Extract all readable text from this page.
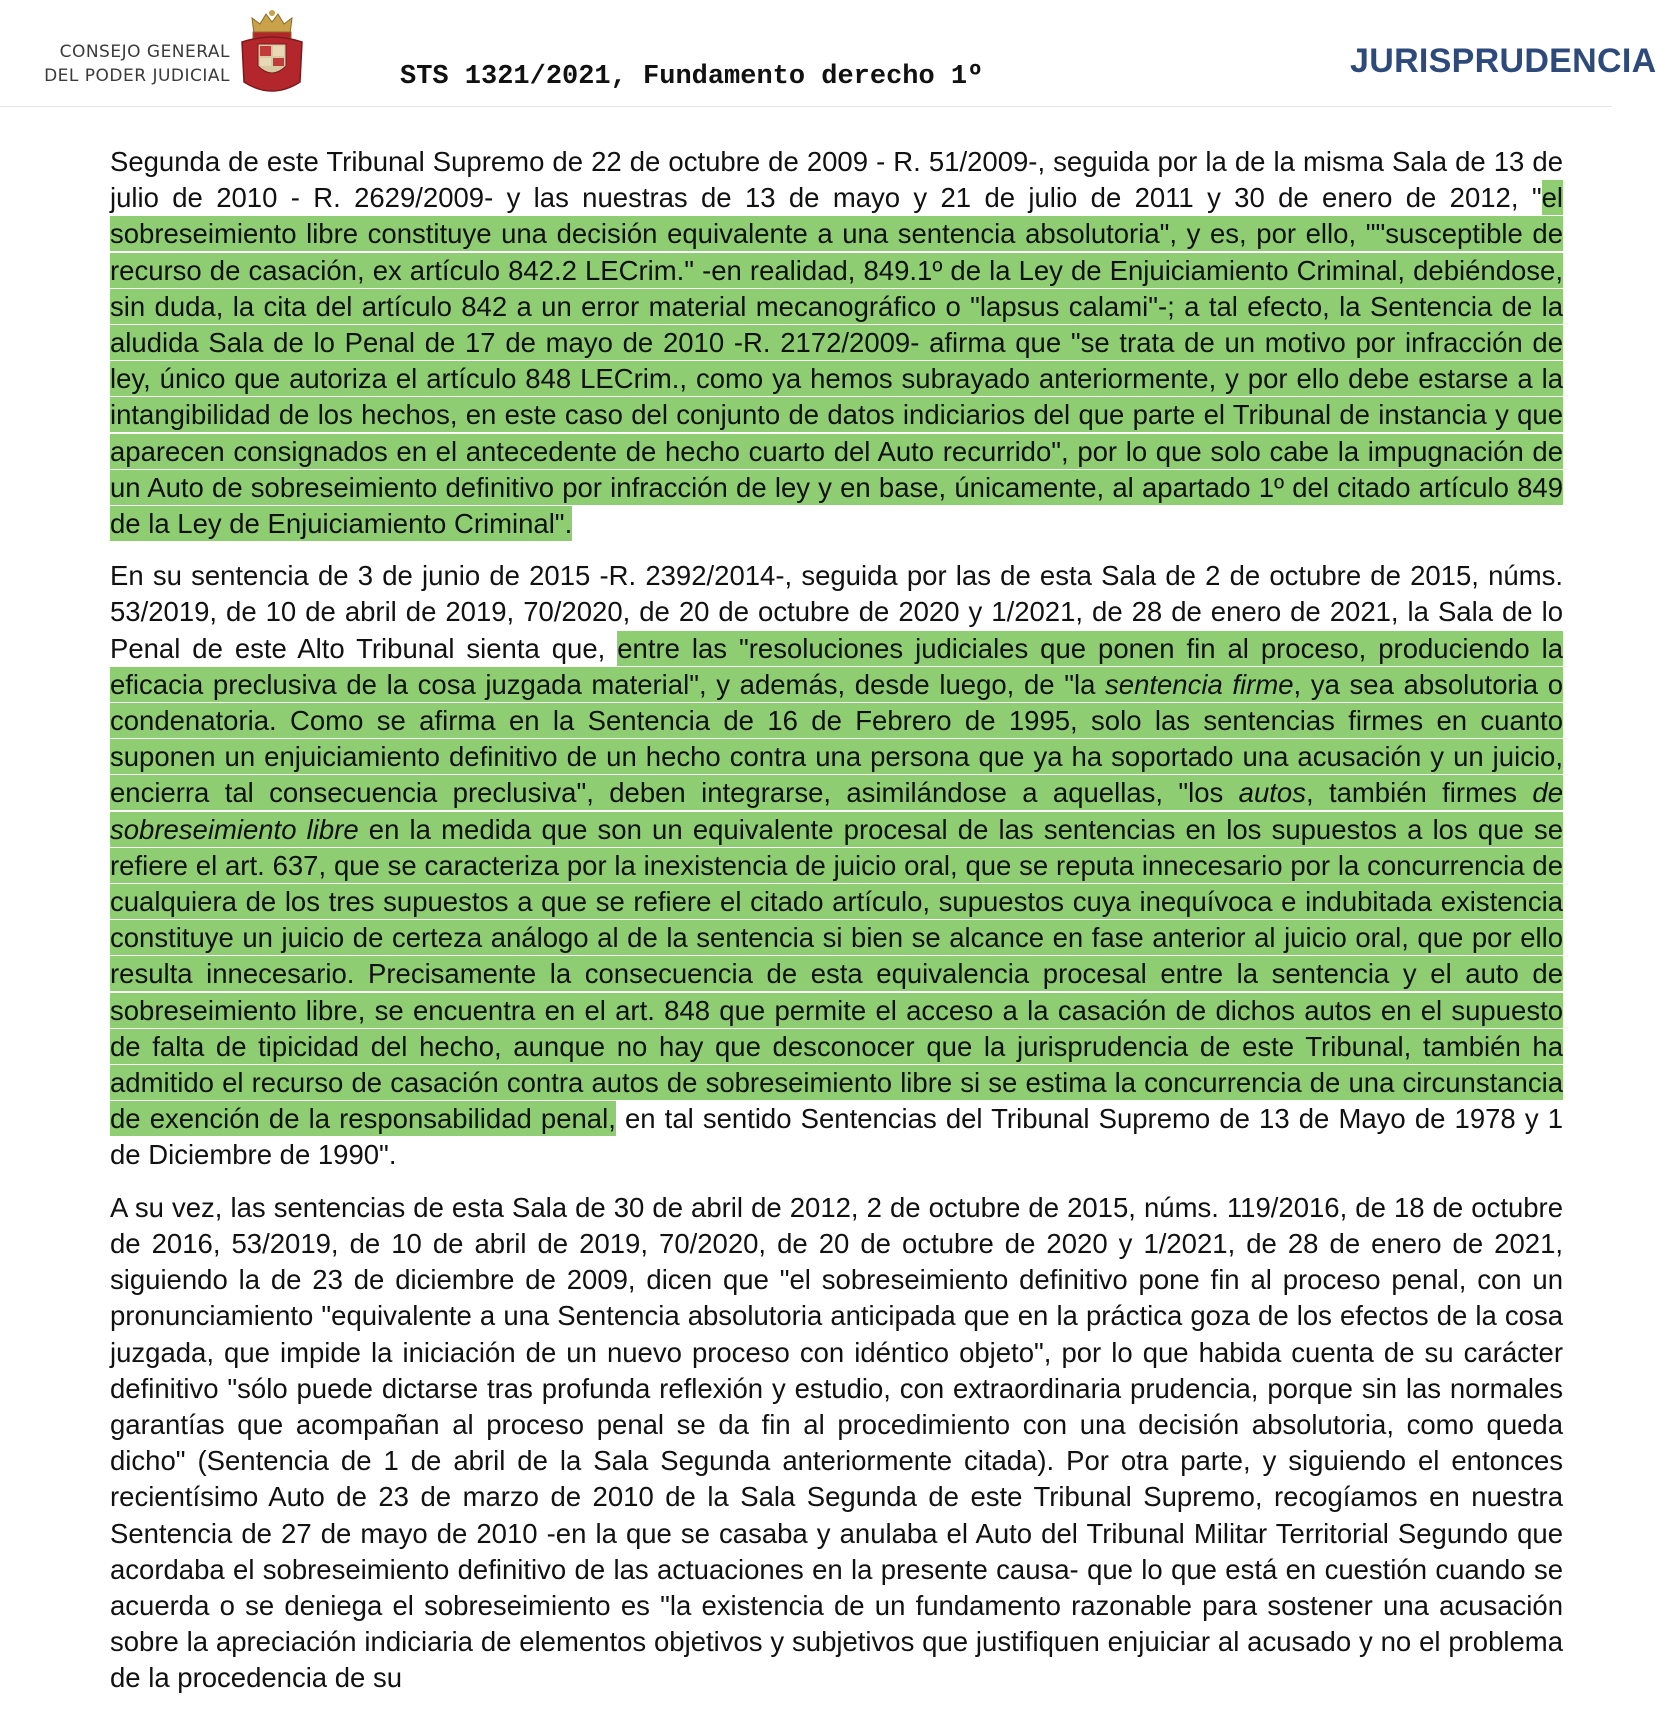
CONSEJO GENERAL
DEL PODER JUDICIAL	STS 1321/2021, Fundamento derecho 1º	JURISPRUDENCIA

Segunda de este Tribunal Supremo de 22 de octubre de 2009 - R. 51/2009-, seguida por la de la misma Sala de 13 de julio de 2010 - R. 2629/2009- y las nuestras de 13 de mayo y 21 de julio de 2011 y 30 de enero de 2012, "el sobreseimiento libre constituye una decisión equivalente a una sentencia absolutoria", y es, por ello, ""susceptible de recurso de casación, ex artículo 842.2 LECrim." -en realidad, 849.1º de la Ley de Enjuiciamiento Criminal, debiéndose, sin duda, la cita del artículo 842 a un error material mecanográfico o "lapsus calami"-; a tal efecto, la Sentencia de la aludida Sala de lo Penal de 17 de mayo de 2010 -R. 2172/2009- afirma que "se trata de un motivo por infracción de ley, único que autoriza el artículo 848 LECrim., como ya hemos subrayado anteriormente, y por ello debe estarse a la intangibilidad de los hechos, en este caso del conjunto de datos indiciarios del que parte el Tribunal de instancia y que aparecen consignados en el antecedente de hecho cuarto del Auto recurrido", por lo que solo cabe la impugnación de un Auto de sobreseimiento definitivo por infracción de ley y en base, únicamente, al apartado 1º del citado artículo 849 de la Ley de Enjuiciamiento Criminal".

En su sentencia de 3 de junio de 2015 -R. 2392/2014-, seguida por las de esta Sala de 2 de octubre de 2015, núms. 53/2019, de 10 de abril de 2019, 70/2020, de 20 de octubre de 2020 y 1/2021, de 28 de enero de 2021, la Sala de lo Penal de este Alto Tribunal sienta que, entre las "resoluciones judiciales que ponen fin al proceso, produciendo la eficacia preclusiva de la cosa juzgada material", y además, desde luego, de "la sentencia firme, ya sea absolutoria o condenatoria. Como se afirma en la Sentencia de 16 de Febrero de 1995, solo las sentencias firmes en cuanto suponen un enjuiciamiento definitivo de un hecho contra una persona que ya ha soportado una acusación y un juicio, encierra tal consecuencia preclusiva", deben integrarse, asimilándose a aquellas, "los autos, también firmes de sobreseimiento libre en la medida que son un equivalente procesal de las sentencias en los supuestos a los que se refiere el art. 637, que se caracteriza por la inexistencia de juicio oral, que se reputa innecesario por la concurrencia de cualquiera de los tres supuestos a que se refiere el citado artículo, supuestos cuya inequívoca e indubitada existencia constituye un juicio de certeza análogo al de la sentencia si bien se alcance en fase anterior al juicio oral, que por ello resulta innecesario. Precisamente la consecuencia de esta equivalencia procesal entre la sentencia y el auto de sobreseimiento libre, se encuentra en el art. 848 que permite el acceso a la casación de dichos autos en el supuesto de falta de tipicidad del hecho, aunque no hay que desconocer que la jurisprudencia de este Tribunal, también ha admitido el recurso de casación contra autos de sobreseimiento libre si se estima la concurrencia de una circunstancia de exención de la responsabilidad penal, en tal sentido Sentencias del Tribunal Supremo de 13 de Mayo de 1978 y 1 de Diciembre de 1990".

A su vez, las sentencias de esta Sala de 30 de abril de 2012, 2 de octubre de 2015, núms. 119/2016, de 18 de octubre de 2016, 53/2019, de 10 de abril de 2019, 70/2020, de 20 de octubre de 2020 y 1/2021, de 28 de enero de 2021, siguiendo la de 23 de diciembre de 2009, dicen que "el sobreseimiento definitivo pone fin al proceso penal, con un pronunciamiento "equivalente a una Sentencia absolutoria anticipada que en la práctica goza de los efectos de la cosa juzgada, que impide la iniciación de un nuevo proceso con idéntico objeto", por lo que habida cuenta de su carácter definitivo "sólo puede dictarse tras profunda reflexión y estudio, con extraordinaria prudencia, porque sin las normales garantías que acompañan al proceso penal se da fin al procedimiento con una decisión absolutoria, como queda dicho" (Sentencia de 1 de abril de la Sala Segunda anteriormente citada). Por otra parte, y siguiendo el entonces recientísimo Auto de 23 de marzo de 2010 de la Sala Segunda de este Tribunal Supremo, recogíamos en nuestra Sentencia de 27 de mayo de 2010 -en la que se casaba y anulaba el Auto del Tribunal Militar Territorial Segundo que acordaba el sobreseimiento definitivo de las actuaciones en la presente causa- que lo que está en cuestión cuando se acuerda o se deniega el sobreseimiento es "la existencia de un fundamento razonable para sostener una acusación sobre la apreciación indiciaria de elementos objetivos y subjetivos que justifiquen enjuiciar al acusado y no el problema de la procedencia de su
